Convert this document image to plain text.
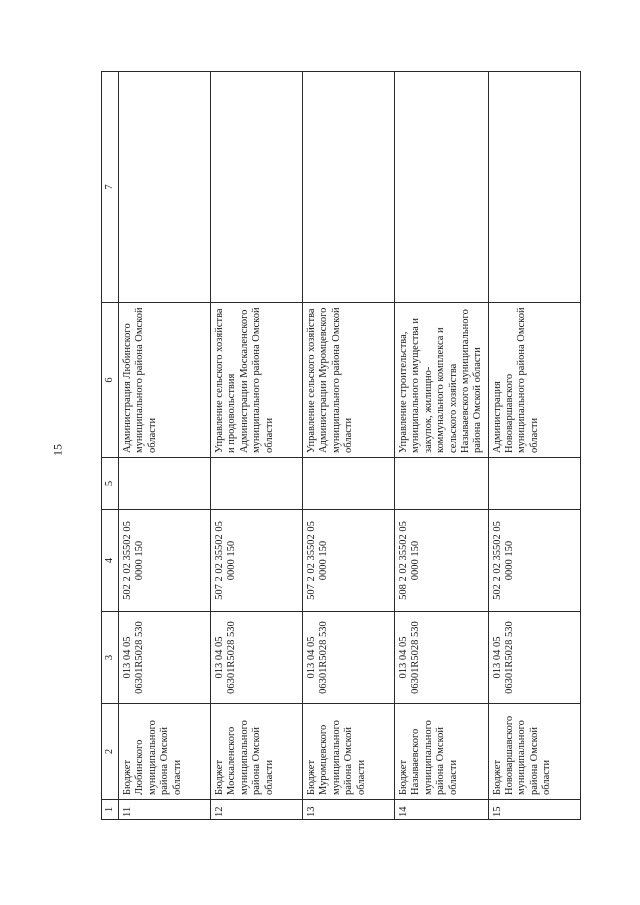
15
1	2	3	4	5	6	7
11	Бюджет Любинского муниципального района Омской области	013 04 05 06301R5028 530	502 2 02 35502 05 0000 150		Администрация Любинского муниципального района Омской области	
12	Бюджет Москаленского муниципального района Омской области	013 04 05 06301R5028 530	507 2 02 35502 05 0000 150		Управление сельского хозяйства и продовольствия Администрации Москаленского муниципального района Омской области	
13	Бюджет Муромцевского муниципального района Омской области	013 04 05 06301R5028 530	507 2 02 35502 05 0000 150		Управление сельского хозяйства Администрации Муромцевского муниципального района Омской области	
14	Бюджет Называевского муниципального района Омской области	013 04 05 06301R5028 530	508 2 02 35502 05 0000 150		Управление строительства, муниципального имущества и закупок, жилищно-коммунального комплекса и сельского хозяйства Называевского муниципального района Омской области	
15	Бюджет Нововаршавского муниципального района Омской области	013 04 05 06301R5028 530	502 2 02 35502 05 0000 150		Администрация Нововаршавского муниципального района Омской области	
